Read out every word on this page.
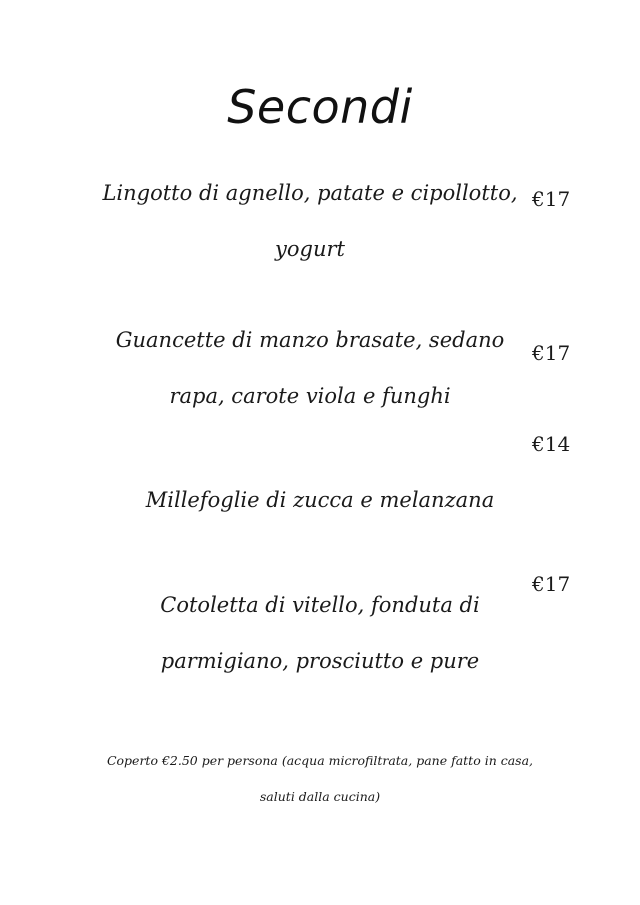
Secondi
Lingotto di agnello, patate e cipollotto,
yogurt
€17
Guancette di manzo brasate, sedano
rapa, carote viola e funghi
€17
€14
Millefoglie di zucca e melanzana
€17
Cotoletta di vitello, fonduta di
parmigiano, prosciutto e pure
Coperto €2.50 per persona (acqua microfiltrata, pane fatto in casa,
saluti dalla cucina)
